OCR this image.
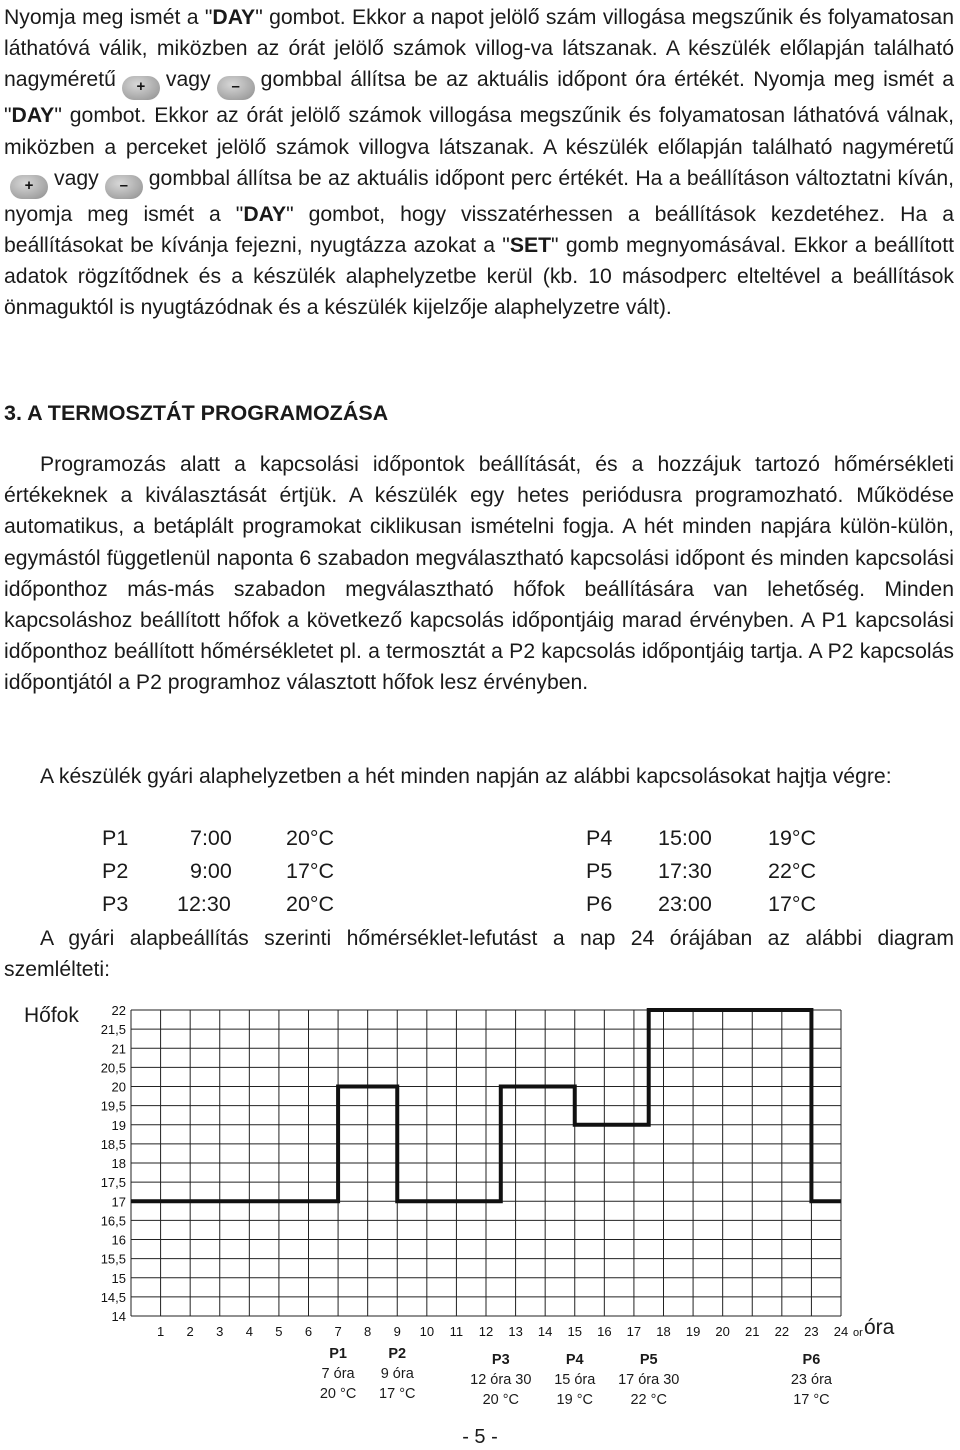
Nyomja meg ismét a "DAY" gombot. Ekkor a napot jelölő szám villogása megszűnik és folyamatosan láthatóvá válik, miközben az órát jelölő számok villog-va látszanak. A készülék előlapján található nagyméretű + vagy – gombbal állítsa be az aktuális időpont óra értékét. Nyomja meg ismét a "DAY" gombot. Ekkor az órát jelölő számok villogása megszűnik és folyamatosan láthatóvá válnak, miközben a perceket jelölő számok villogva látszanak. A készülék előlapján található nagyméretű+ vagy – gombbal állítsa be az aktuális időpont perc értékét. Ha a beállításon változtatni kíván, nyomja meg ismét a "DAY" gombot, hogy visszatérhessen a beállítások kezdetéhez. Ha a beállításokat be kívánja fejezni, nyugtázza azokat a "SET" gomb megnyomásával. Ekkor a beállított adatok rögzítődnek és a készülék alaphelyzetbe kerül (kb. 10 másodperc elteltével a beállítások önmaguktól is nyugtázódnak és a készülék kijelzője alaphelyzetre vált).

3. A TERMOSZTÁT PROGRAMOZÁSA

Programozás alatt a kapcsolási időpontok beállítását, és a hozzájuk tartozó hőmérsékleti értékeknek a kiválasztását értjük. A készülék egy hetes periódusra programozható. Működése automatikus, a betáplált programokat ciklikusan ismételni fogja. A hét minden napjára külön-külön, egymástól függetlenül naponta 6 szabadon megválasztható kapcsolási időpont és minden kapcsolási időponthoz más-más szabadon megválasztható hőfok beállítására van lehetőség. Minden kapcsoláshoz beállított hőfok a következő kapcsolás időpontjáig marad érvényben. A P1 kapcsolási időponthoz beállított hőmérsékletet pl. a termosztát a P2 kapcsolás időpontjáig tartja. A P2 kapcsolás időpontjától a P2 programhoz választott hőfok lesz érvényben.

A készülék gyári alaphelyzetben a hét minden napján az alábbi kapcsolásokat hajtja végre:

P1	7:00	20°C
P2	9:00	17°C
P3 12:30	20°C
P4 15:00	19°C
P5 17:30	22°C
P6 23:00	17°C

A gyári alapbeállítás szerinti hőmérséklet-lefutást a nap 24 órájában az alábbi diagram szemlélteti:

Hőfok
óra
22
21,5
21
20,5
20
19,5
19
18,5
18
17,5
17
16,5
16
15,5
15
14,5
14
1 2 3 4 5 6 7 8 9 10 11 12 13 14 15 16 17 18 19 20 21 22 23 24 or
P1
7 óra
20 °C
P2
9 óra
17 °C
P3
12 óra 30
20 °C
P4
15 óra
19 °C
P5
17 óra 30
22 °C
P6
23 óra
17 °C
- 5 -
